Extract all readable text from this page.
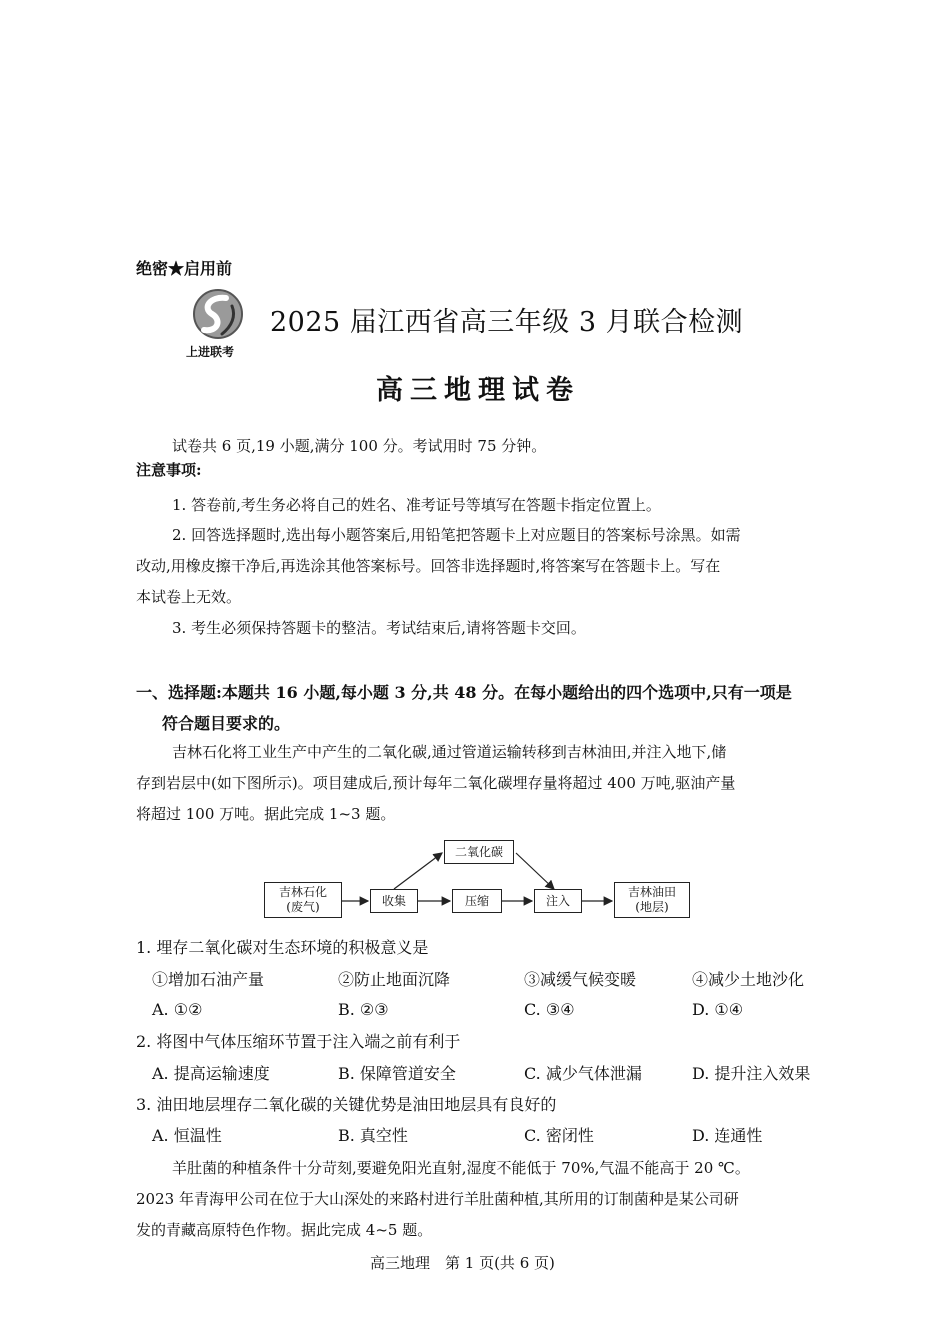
绝密★启用前
上进联考
2025 届江西省高三年级 3 月联合检测
高三地理试卷
试卷共 6 页,19 小题,满分 100 分。考试用时 75 分钟。
注意事项:
1. 答卷前,考生务必将自己的姓名、准考证号等填写在答题卡指定位置上。
2. 回答选择题时,选出每小题答案后,用铅笔把答题卡上对应题目的答案标号涂黑。如需
改动,用橡皮擦干净后,再选涂其他答案标号。回答非选择题时,将答案写在答题卡上。写在
本试卷上无效。
3. 考生必须保持答题卡的整洁。考试结束后,请将答题卡交回。
一、选择题:本题共 16 小题,每小题 3 分,共 48 分。在每小题给出的四个选项中,只有一项是
符合题目要求的。
吉林石化将工业生产中产生的二氧化碳,通过管道运输转移到吉林油田,并注入地下,储
存到岩层中(如下图所示)。项目建成后,预计每年二氧化碳埋存量将超过 400 万吨,驱油产量
将超过 100 万吨。据此完成 1~3 题。
吉林石化
(废气)	收集	压缩
二氧化碳
注入
吉林油田
(地层)
1. 埋存二氧化碳对生态环境的积极意义是
①增加石油产量	②防止地面沉降	③减缓气候变暖	④减少土地沙化
A. ①②	B. ②③	C. ③④	D. ①④
2. 将图中气体压缩环节置于注入端之前有利于
A. 提高运输速度	B. 保障管道安全	C. 减少气体泄漏	D. 提升注入效果
3. 油田地层埋存二氧化碳的关键优势是油田地层具有良好的
A. 恒温性	B. 真空性	C. 密闭性	D. 连通性
羊肚菌的种植条件十分苛刻,要避免阳光直射,湿度不能低于 70%,气温不能高于 20 ℃。
2023 年青海甲公司在位于大山深处的来路村进行羊肚菌种植,其所用的订制菌种是某公司研
发的青藏高原特色作物。据此完成 4~5 题。
高三地理　第 1 页(共 6 页)
